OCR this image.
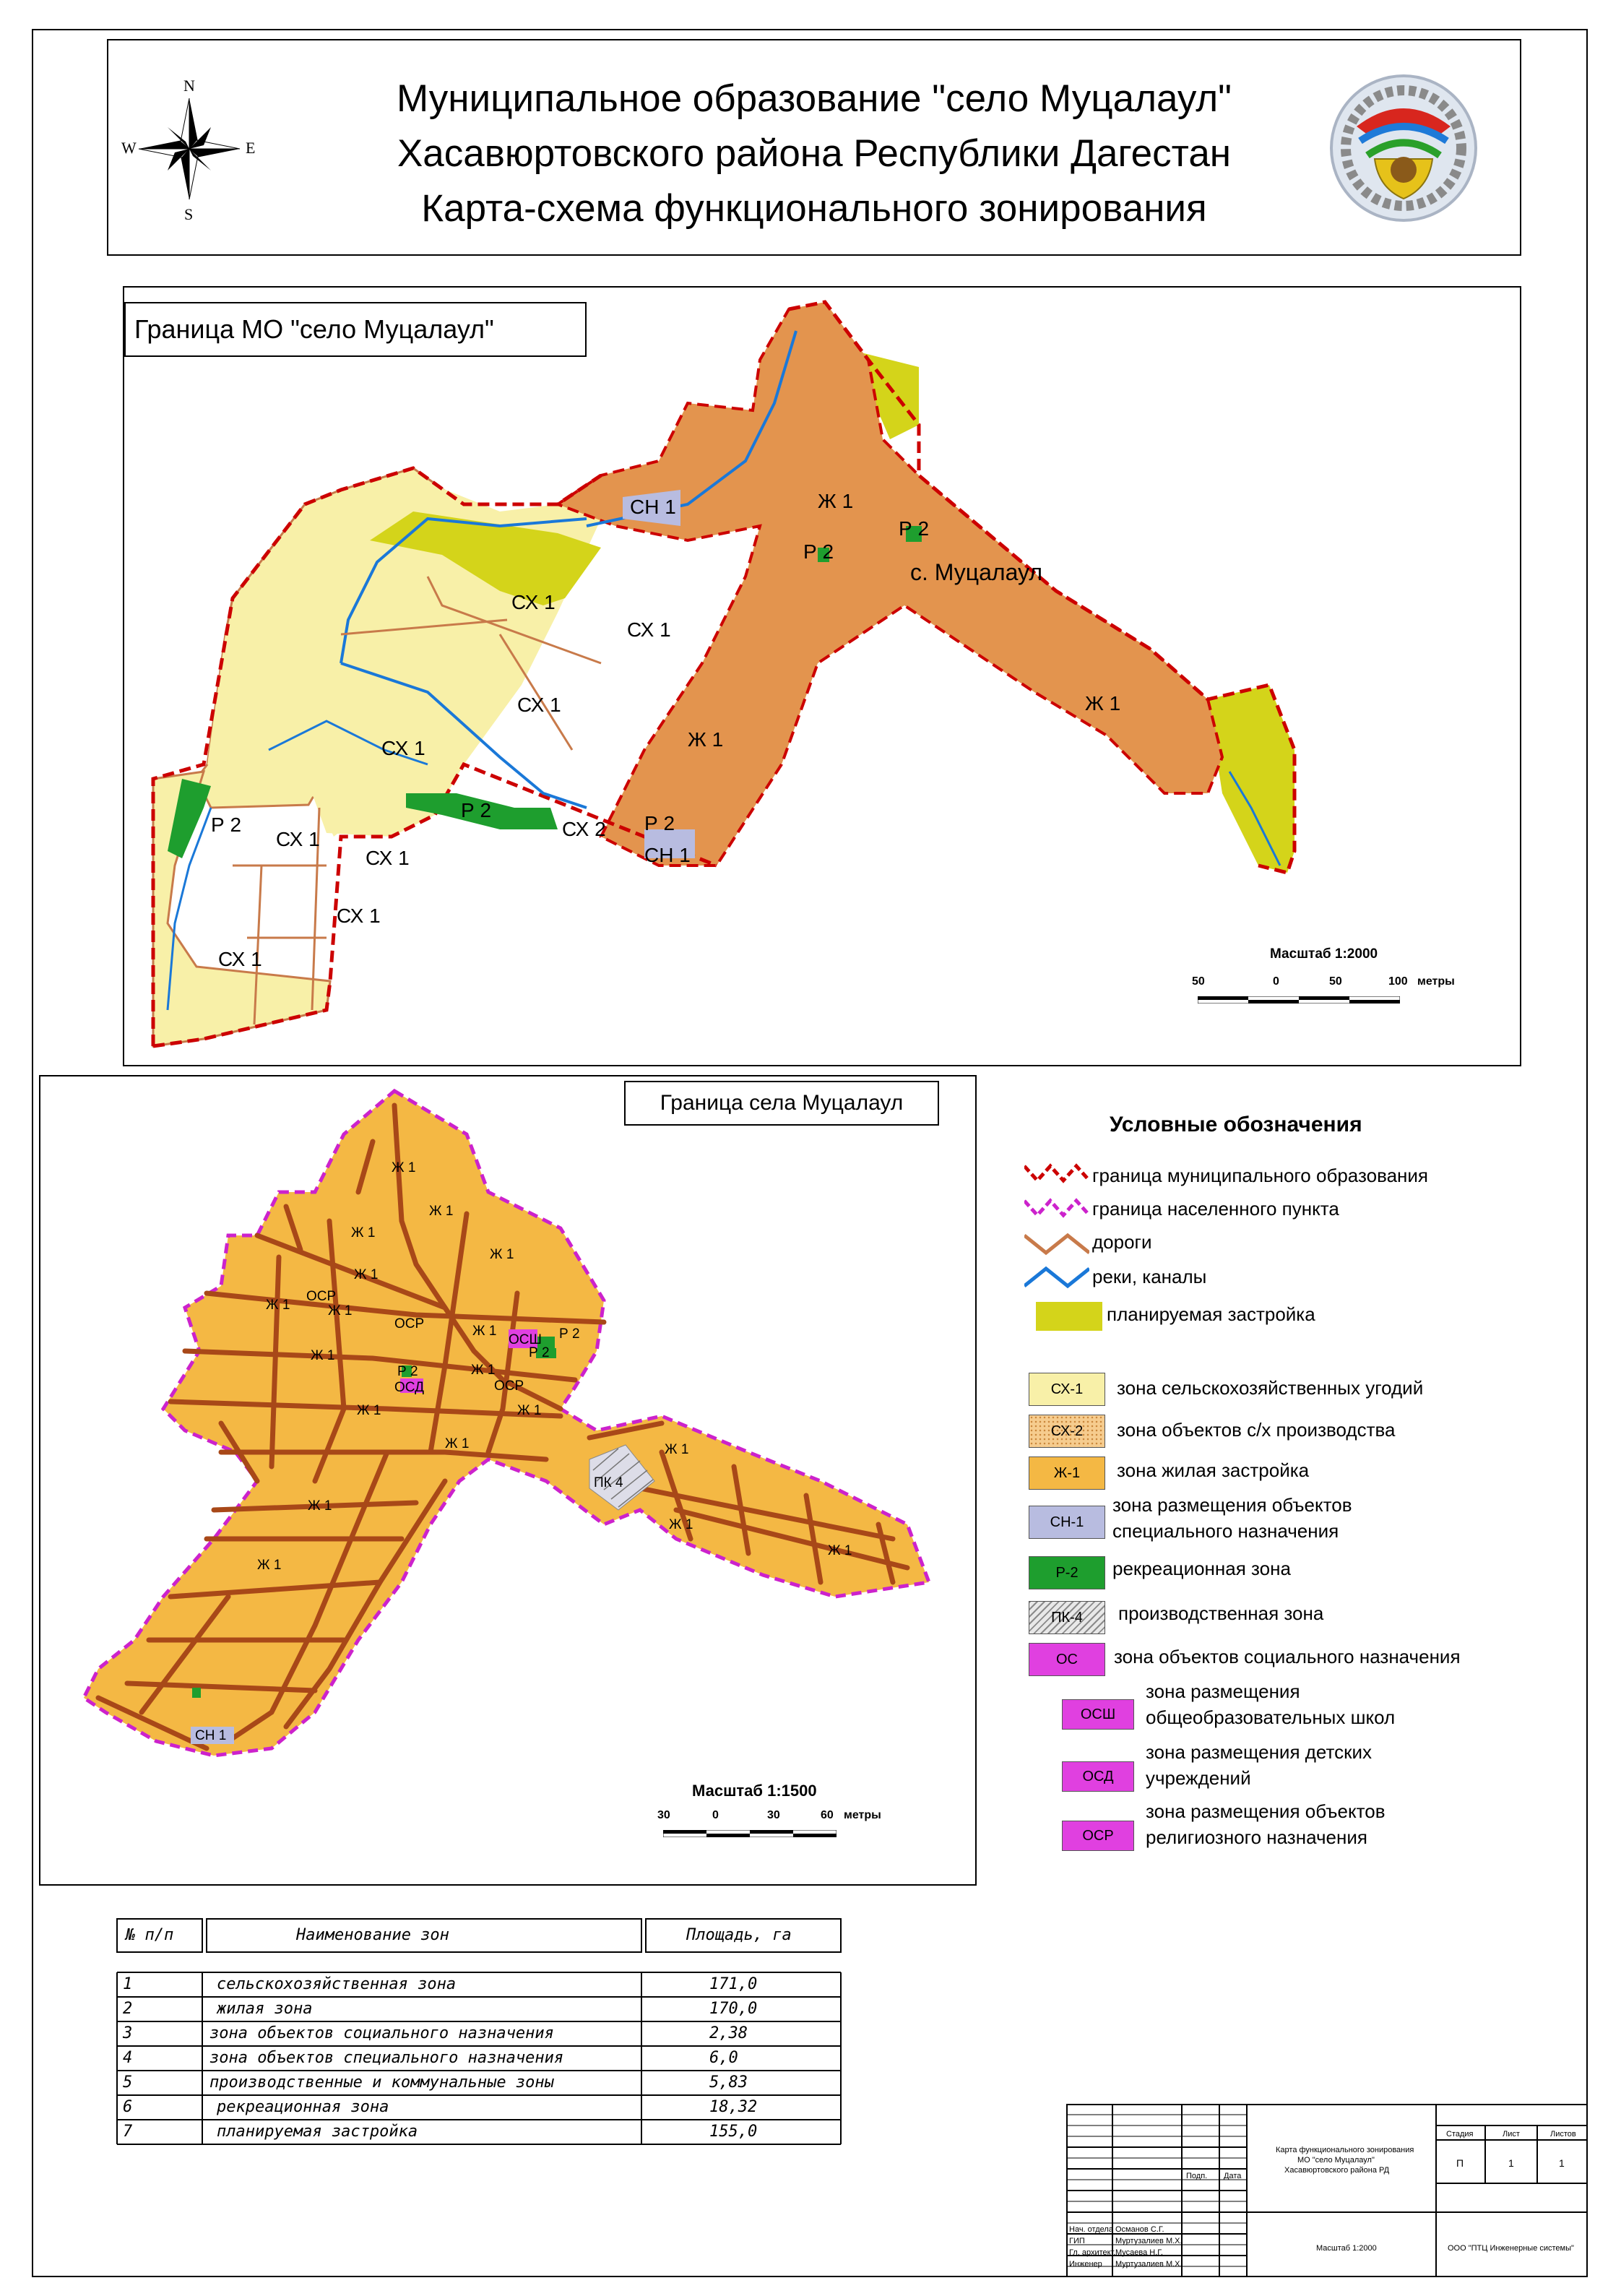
N
S
W	E
Муниципальное образование "село Муцалаул"
Хасавюртовского района Республики Дагестан
Карта-схема функционального зонирования
Граница МО "село Муцалаул"
с. Муцалаул
Ж 1
Ж 1
Ж 1
СН 1
СН 1
Р 2
Р 2
Р 2
Р 2
Р 2
СХ 1
СХ 1
СХ 1
СХ 1
СХ 1
СХ 1
СХ 1
СХ 1
СХ 2
Масштаб 1:2000
50	0	50	100 метры
Граница села Муцалаул
Ж 1
Ж 1
Ж 1
Ж 1
Ж 1
Ж 1	Ж 1
Ж 1
Ж 1
Ж 1
Ж 1	Ж 1
Ж 1	Ж 1
Ж 1
Ж 1
Ж 1
Ж 1
ОСР
ОСР
ОСР
ОСШ
ОСД
Р 2
Р 2
Р 2
ПК 4
СН 1
Масштаб 1:1500
30	0	30	60 метры
Условные обозначения
граница муниципального образования
граница населенного пункта
дороги
реки, каналы
планируемая застройка
СХ-1	зона сельскохозяйственных угодий
СХ-2	зона объектов с/х производства
Ж-1	зона жилая застройка
СН-1
зона размещения объектов
специального назначения
Р-2	рекреационная зона
ПК-4	производственная зона
ОС	зона объектов социального назначения
ОСШ
зона размещения
общеобразовательных школ
ОСД
зона размещения детских
учреждений
ОСР
зона размещения объектов
религиозного назначения
№ п/п	Наименование зон	Площадь, га
1	сельскохозяйственная зона	171,0
2	жилая зона	170,0
3	зона объектов социального назначения	2,38
4	зона объектов специального назначения	6,0
5	производственные и коммунальные зоны	5,83
6	рекреационная зона	18,32
7	планируемая застройка	155,0
Подп. Дата
Нач. отдела Османов С.Г.
ГИП	Муртузалиев М.Х.
Гл. архитект. Мусаева Н.Г.
Инженер Муртузалиев М.Х.
Карта функционального зонирования
МО "село Муцалаул"
Хасавюртовского района РД
Стадия	Лист	Листов
П	1	1
Масштаб 1:2000	ООО "ПТЦ Инженерные системы"
